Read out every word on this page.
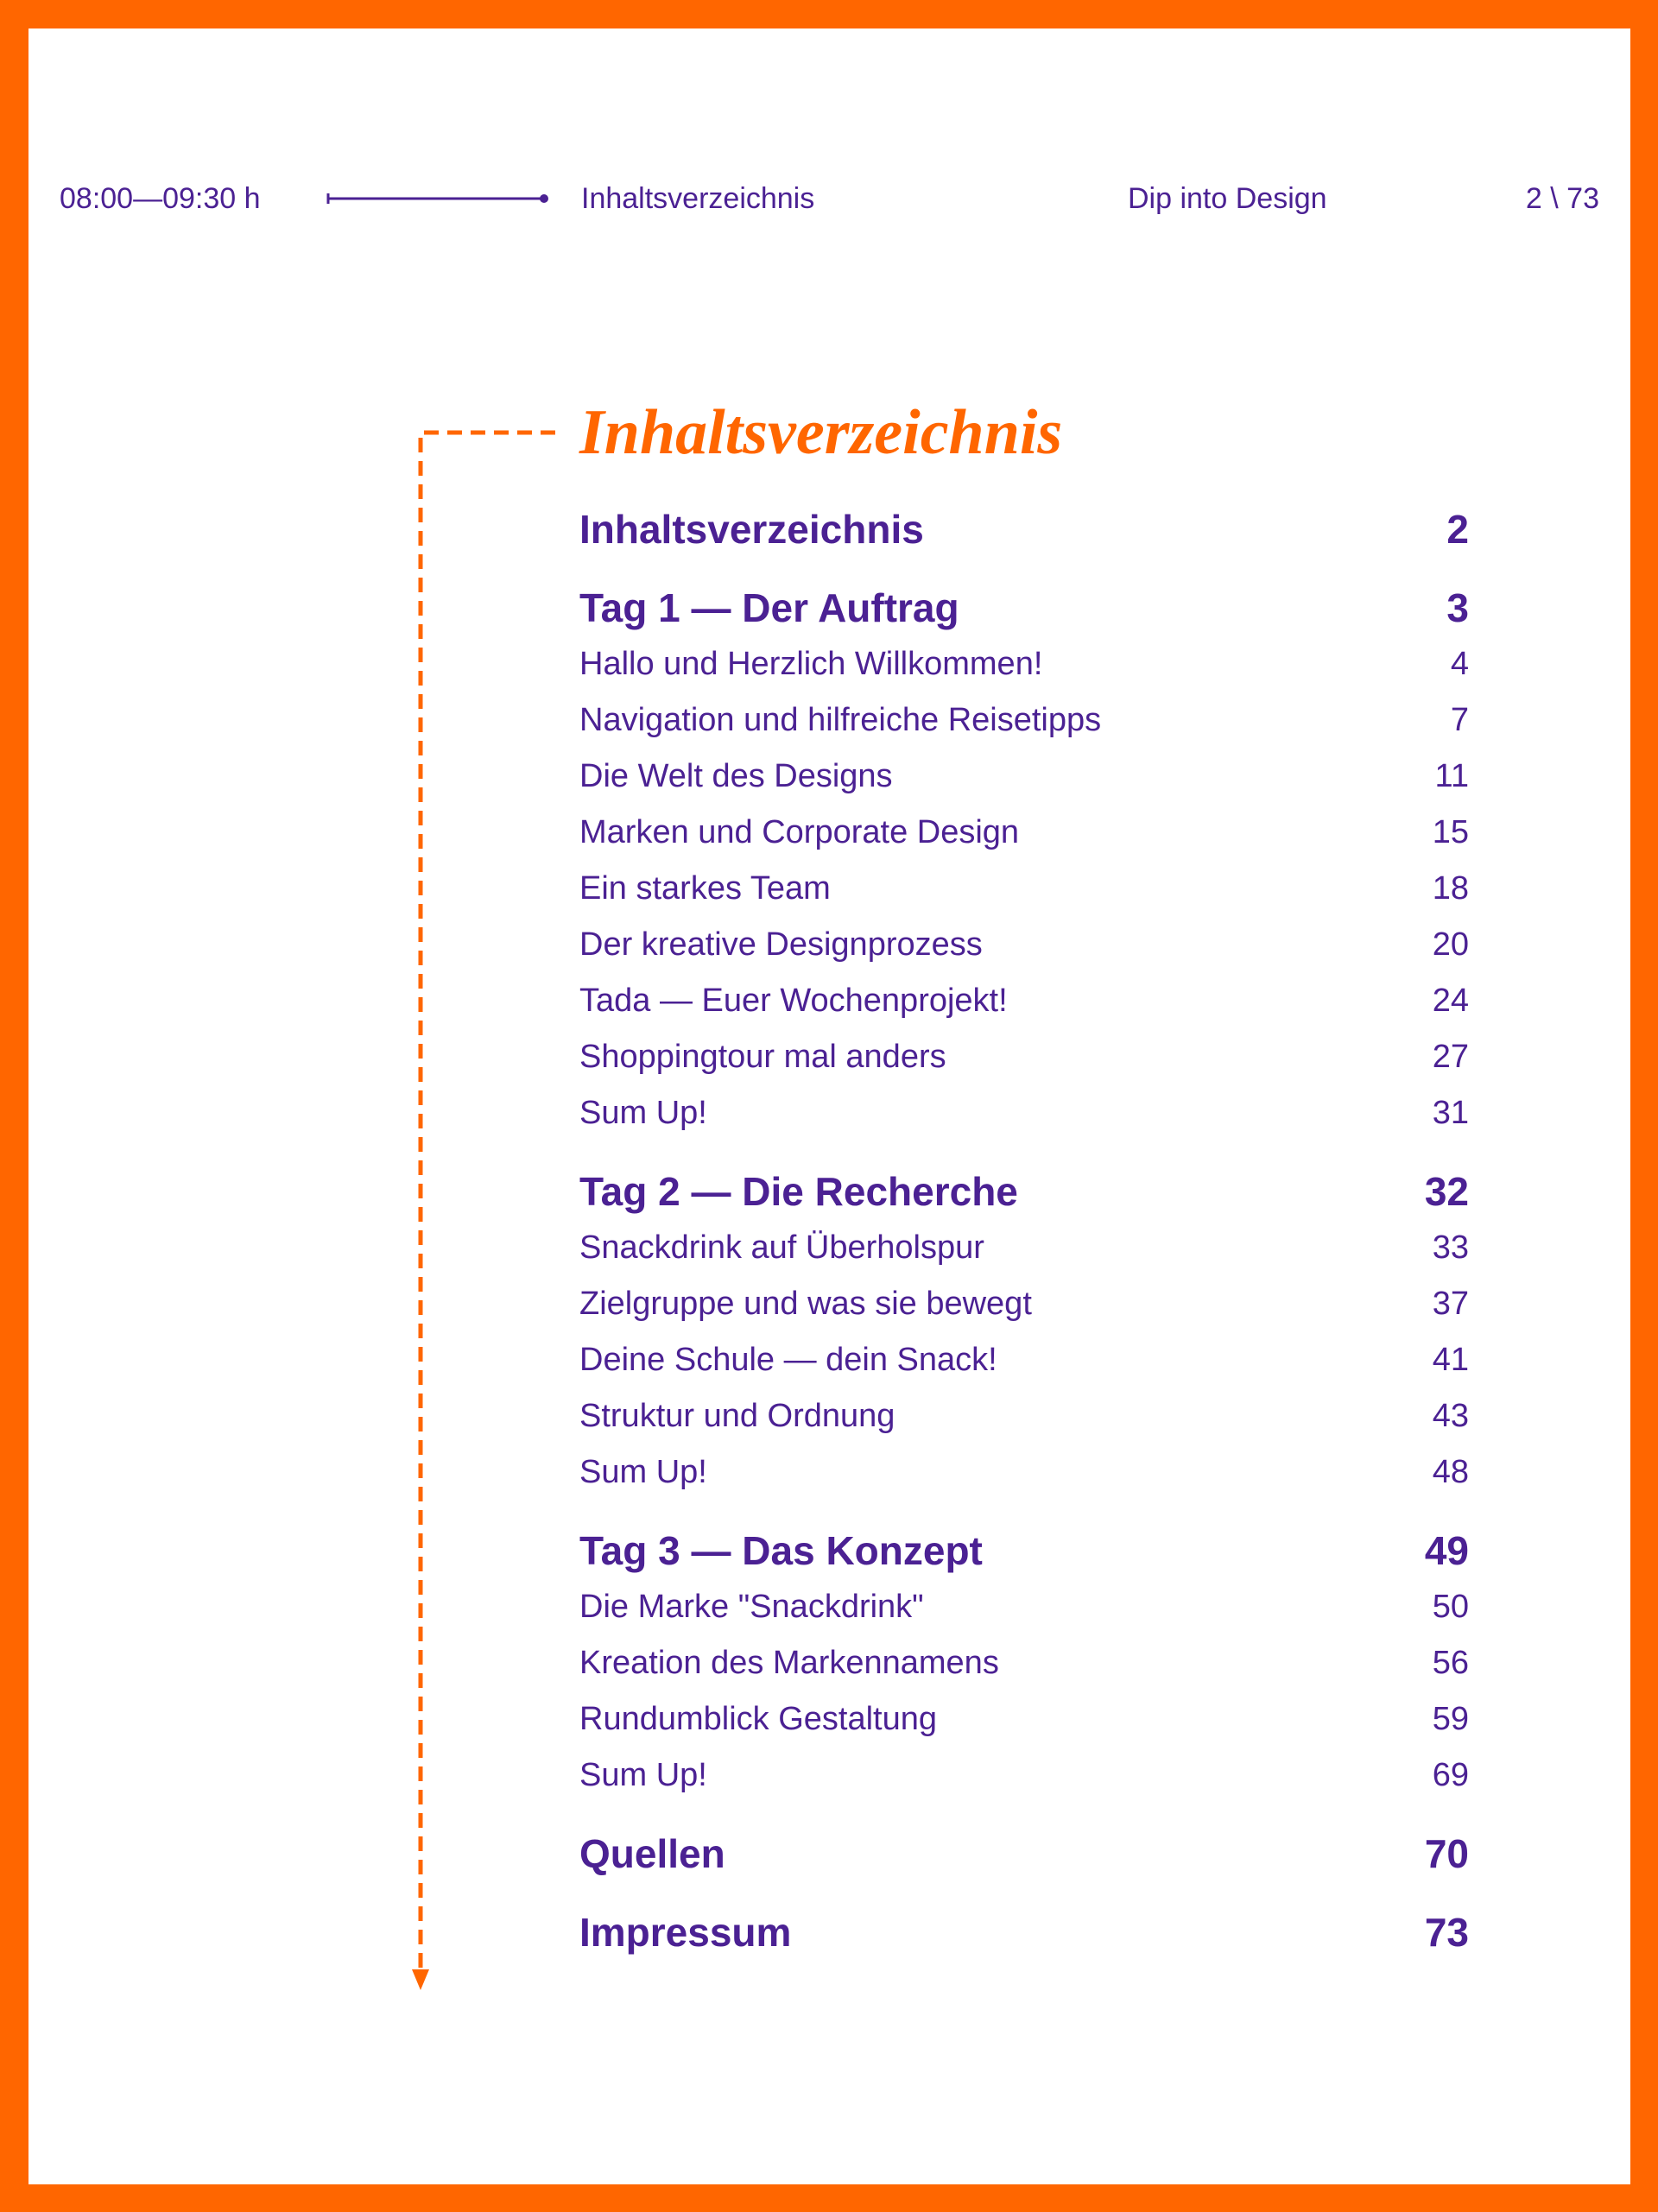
08:00—09:30 h	Inhaltsverzeichnis	Dip into Design	2 \ 73
Inhaltsverzeichnis
Inhaltsverzeichnis	2
Tag 1 — Der Auftrag	3
Hallo und Herzlich Willkommen!	4
Navigation und hilfreiche Reisetipps	7
Die Welt des Designs	11
Marken und Corporate Design	15
Ein starkes Team	18
Der kreative Designprozess	20
Tada — Euer Wochenprojekt!	24
Shoppingtour mal anders	27
Sum Up!	31
Tag 2 — Die Recherche	32
Snackdrink auf Überholspur	33
Zielgruppe und was sie bewegt	37
Deine Schule — dein Snack!	41
Struktur und Ordnung	43
Sum Up!	48
Tag 3 — Das Konzept	49
Die Marke "Snackdrink"	50
Kreation des Markennamens	56
Rundumblick Gestaltung	59
Sum Up!	69
Quellen	70
Impressum	73
